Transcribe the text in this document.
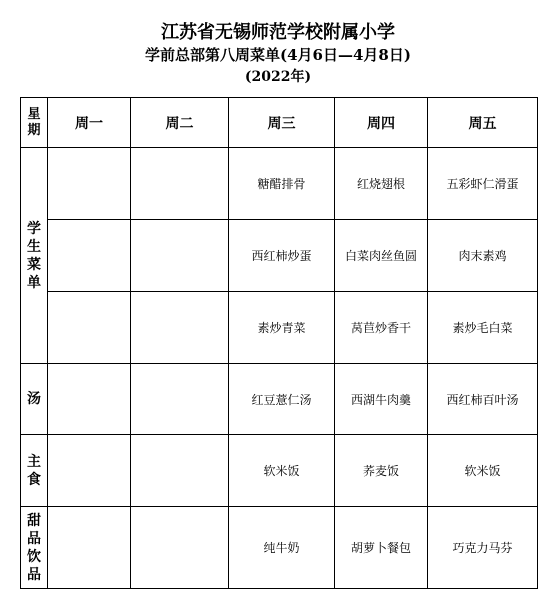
江苏省无锡师范学校附属小学
学前总部第八周菜单(4月6日—4月8日)
(2022年)
星期	周一	周二	周三	周四	周五
学生菜单			糖醋排骨	红烧翅根	五彩虾仁滑蛋
			西红柿炒蛋	白菜肉丝鱼圆	肉末素鸡
			素炒青菜	莴苣炒香干	素炒毛白菜
汤			红豆薏仁汤	西湖牛肉羹	西红柿百叶汤
主食			软米饭	荞麦饭	软米饭
甜品饮品			纯牛奶	胡萝卜餐包	巧克力马芬
